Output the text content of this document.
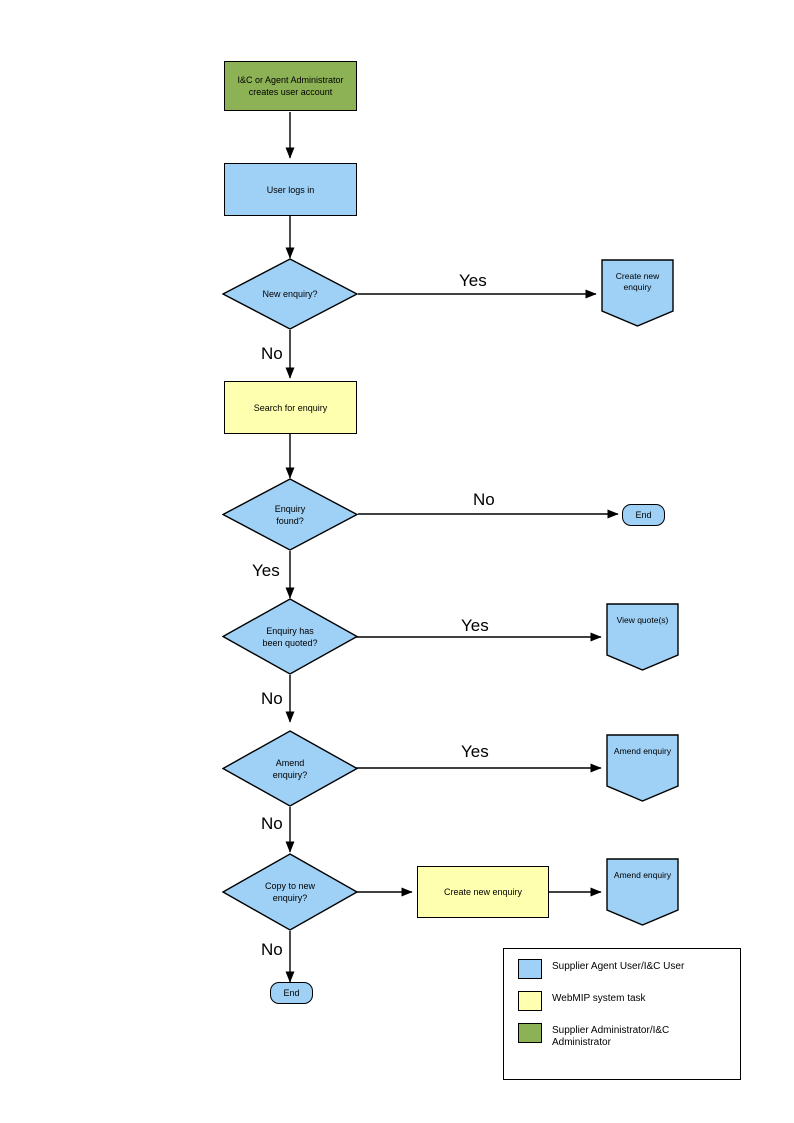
I&C or Agent Administrator
creates user account
User logs in
New enquiry?
Create new
enquiry
Search for enquiry
Enquiry
found?
End
Enquiry has
been quoted?
View quote(s)
Amend
enquiry?
Amend enquiry
Copy to new
enquiry?
Create new enquiry
Amend enquiry
End
Yes
No
No
Yes
Yes
No
Yes
No
No
Supplier Agent User/I&C User
WebMIP system task
Supplier Administrator/I&C
Administrator
